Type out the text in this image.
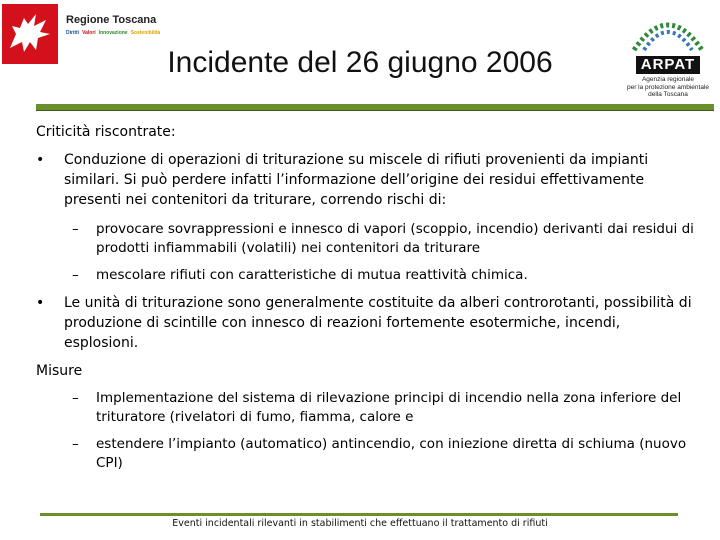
Regione Toscana
Diritti Valori Innovazione Sostenibilità
Incidente del 26 giugno 2006	ARPAT
Agenzia regionale
per la protezione ambientale
della Toscana
Criticità riscontrate:
•	Conduzione di operazioni di triturazione su miscele di rifiuti provenienti da impianti similari. Si può perdere infatti l’informazione dell’origine dei residui effettivamente presenti nei contenitori da triturare, correndo rischi di:
–	provocare sovrappressioni e innesco di vapori (scoppio, incendio) derivanti dai residui di prodotti infiammabili (volatili) nei contenitori da triturare
–	mescolare rifiuti con caratteristiche di mutua reattività chimica.
•	Le unità di triturazione sono generalmente costituite da alberi controrotanti, possibilità di produzione di scintille con innesco di reazioni fortemente esotermiche, incendi, esplosioni.
Misure
–	Implementazione del sistema di rilevazione principi di incendio nella zona inferiore del trituratore (rivelatori di fumo, fiamma, calore e
–	estendere l’impianto (automatico) antincendio, con iniezione diretta di schiuma (nuovo CPI)
Eventi incidentali rilevanti in stabilimenti che effettuano il trattamento di rifiuti
